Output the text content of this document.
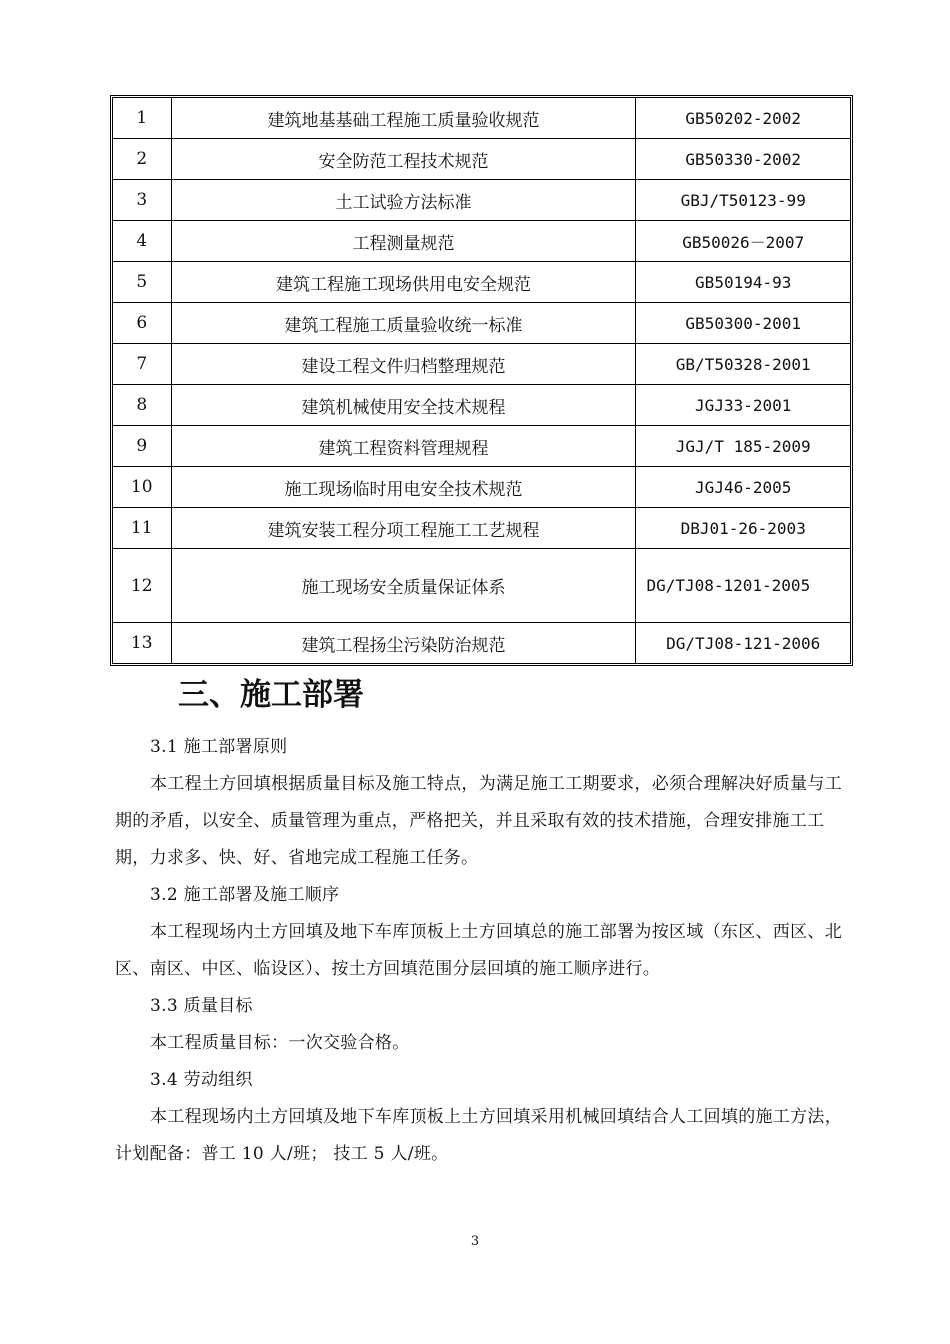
1	建筑地基基础工程施工质量验收规范	GB50202-2002
2	安全防范工程技术规范	GB50330-2002
3	土工试验方法标准	GBJ/T50123-99
4	工程测量规范	GB50026－2007
5	建筑工程施工现场供用电安全规范	GB50194-93
6	建筑工程施工质量验收统一标准	GB50300-2001
7	建设工程文件归档整理规范	GB/T50328-2001
8	建筑机械使用安全技术规程	JGJ33-2001
9	建筑工程资料管理规程	JGJ/T 185-2009
10	施工现场临时用电安全技术规范	JGJ46-2005
11	建筑安装工程分项工程施工工艺规程	DBJ01-26-2003
12	施工现场安全质量保证体系	DG/TJ08-1201-2005
13	建筑工程扬尘污染防治规范	DG/TJ08-121-2006
三、施工部署

3.1 施工部署原则

本工程土方回填根据质量目标及施工特点，为满足施工工期要求，必须合理解决好质量与工期的矛盾，以安全、质量管理为重点，严格把关，并且采取有效的技术措施，合理安排施工工期，力求多、快、好、省地完成工程施工任务。

3.2 施工部署及施工顺序

本工程现场内土方回填及地下车库顶板上土方回填总的施工部署为按区域（东区、西区、北区、南区、中区、临设区）、按土方回填范围分层回填的施工顺序进行。

3.3 质量目标

本工程质量目标：一次交验合格。

3.4 劳动组织

本工程现场内土方回填及地下车库顶板上土方回填采用机械回填结合人工回填的施工方法，计划配备：普工 10 人/班； 技工 5 人/班。

3
